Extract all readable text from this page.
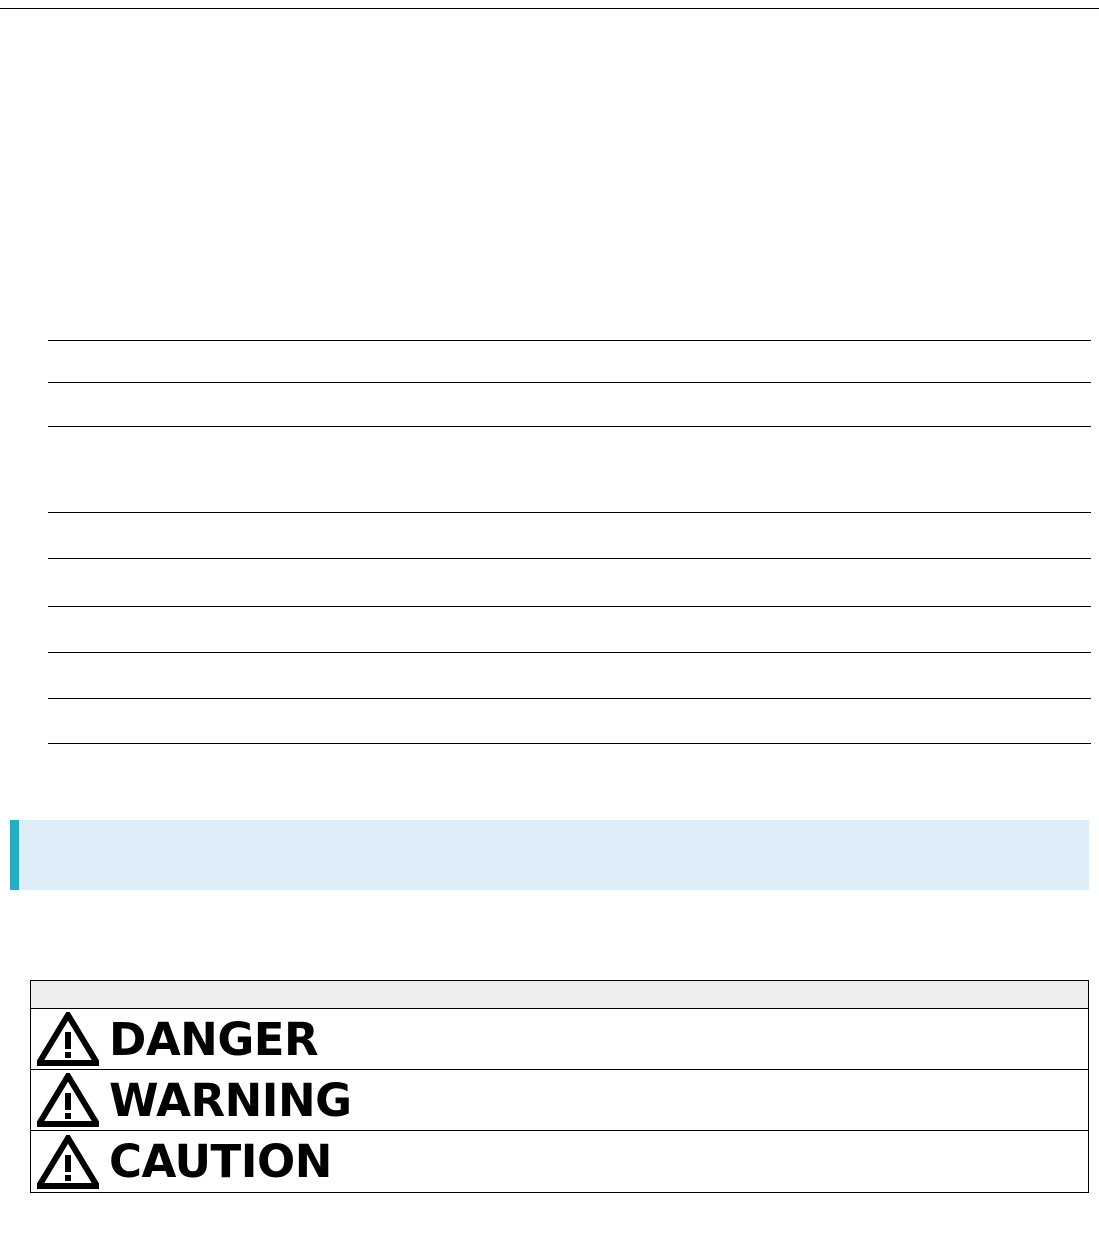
DANGER
WARNING
CAUTION
